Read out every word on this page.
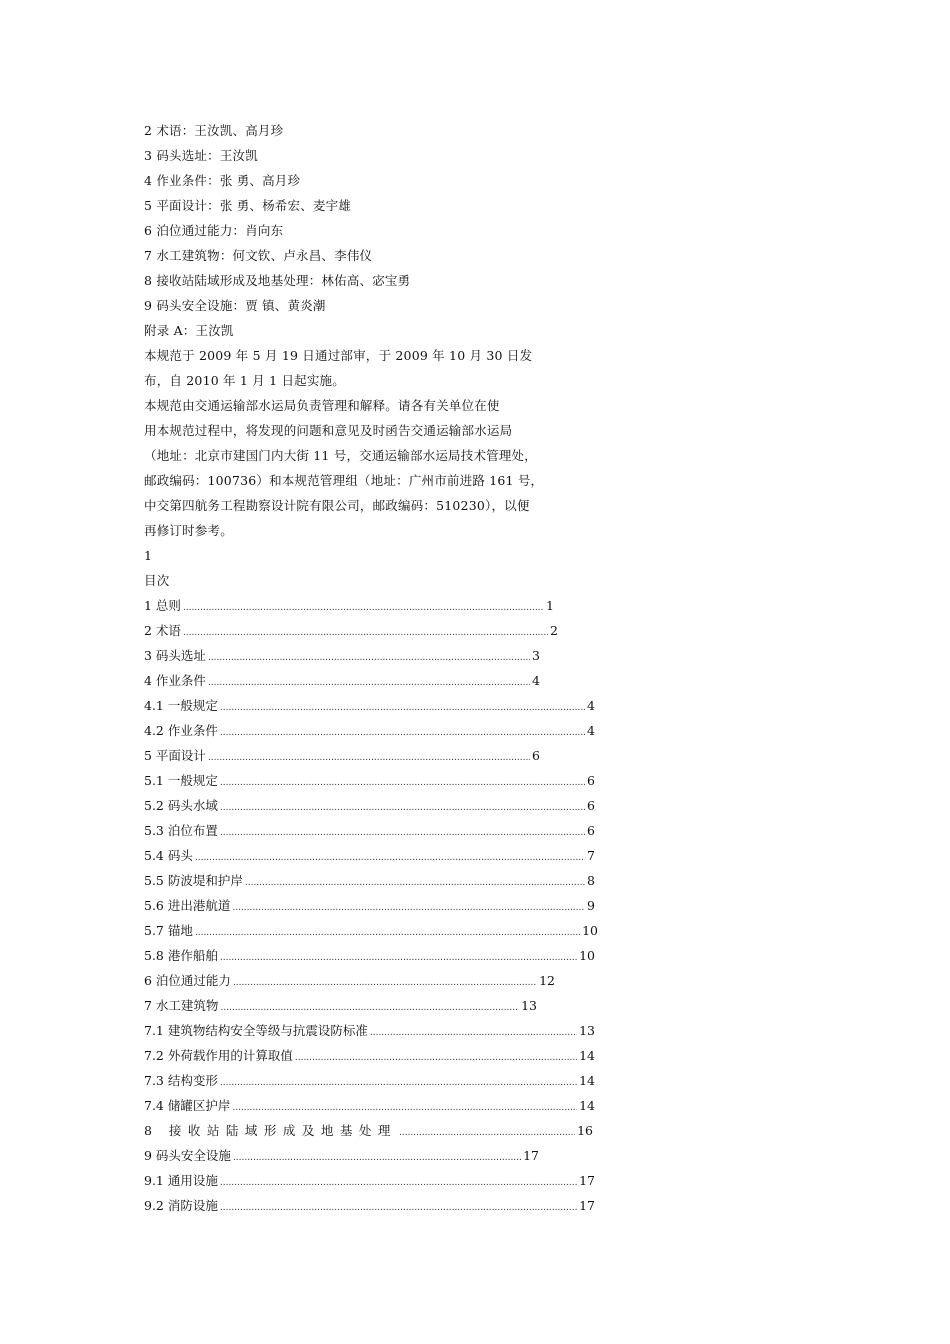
2 术语：王汝凯、高月珍
3 码头选址：王汝凯
4 作业条件：张 勇、高月珍
5 平面设计：张 勇、杨希宏、麦宇雄
6 泊位通过能力：肖向东
7 水工建筑物：何文钦、卢永昌、李伟仪
8 接收站陆域形成及地基处理：林佑高、宓宝勇
9 码头安全设施：贾 镇、黄炎潮
附录 A：王汝凯
本规范于 2009 年 5 月 19 日通过部审，于 2009 年 10 月 30 日发
布，自 2010 年 1 月 1 日起实施。
本规范由交通运输部水运局负责管理和解释。请各有关单位在使
用本规范过程中，将发现的问题和意见及时函告交通运输部水运局
（地址：北京市建国门内大街 11 号，交通运输部水运局技术管理处，
邮政编码：100736）和本规范管理组（地址：广州市前进路 161 号，
中交第四航务工程勘察设计院有限公司，邮政编码：510230），以便
再修订时参考。
1
目次
1 总则 .....	1
2 术语 .....	2
3 码头选址 .....	3
4 作业条件 .....	4
4.1 一般规定 .....	4
4.2 作业条件 .....	4
5 平面设计 .....	6
5.1 一般规定 .....	6
5.2 码头水域 .....	6
5.3 泊位布置 .....	6
5.4 码头 .....	7
5.5 防波堤和护岸 .....	8
5.6 进出港航道 .....	9
5.7 锚地 .....	10
5.8 港作船舶 .....	10
6 泊位通过能力 .....	12
7 水工建筑物 .....	13
7.1 建筑物结构安全等级与抗震设防标准 .....	13
7.2 外荷载作用的计算取值 .....	14
7.3 结构变形 .....	14
7.4 储罐区护岸 .....	14
8 接收站陆域形成及地基处理 .....	16
9 码头安全设施 .....	17
9.1 通用设施 .....	17
9.2 消防设施 .....	17
